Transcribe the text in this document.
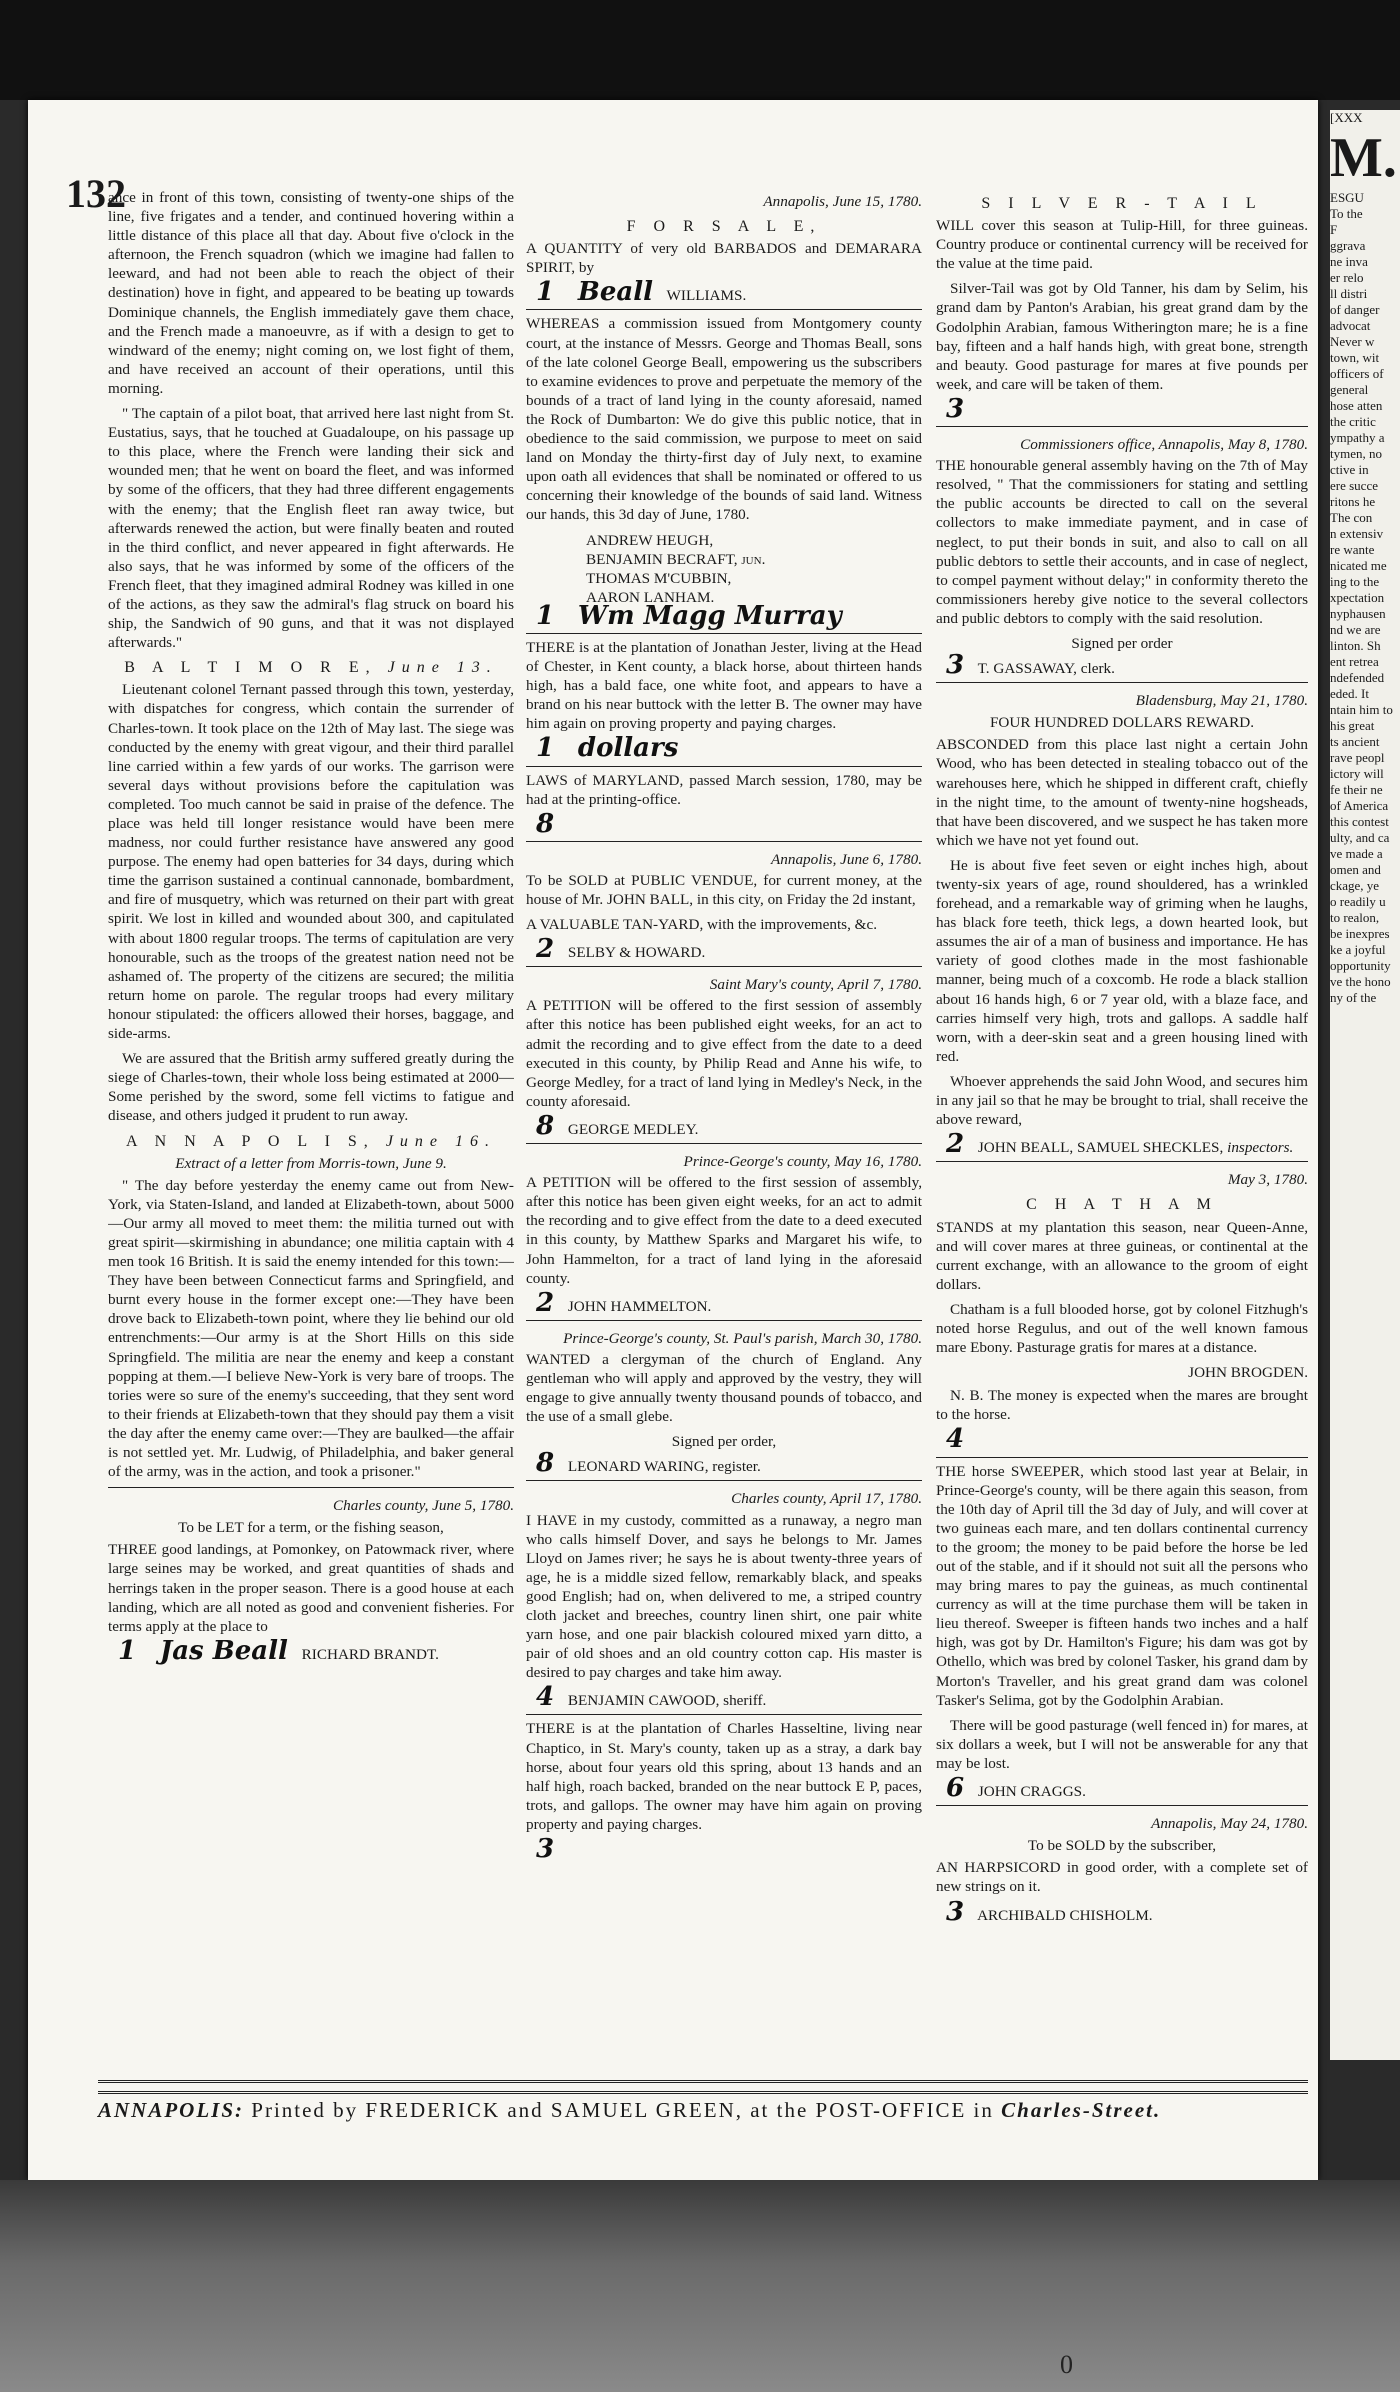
132

ance in front of this town, consisting of twenty-one ships of the line, five frigates and a tender, and continued hovering within a little distance of this place all that day. About five o'clock in the afternoon, the French squadron (which we imagine had fallen to leeward, and had not been able to reach the object of their destination) hove in fight, and appeared to be beating up towards Dominique channels, the English immediately gave them chace, and the French made a manoeuvre, as if with a design to get to windward of the enemy; night coming on, we lost fight of them, and have received an account of their operations, until this morning.

" The captain of a pilot boat, that arrived here last night from St. Eustatius, says, that he touched at Guadaloupe, on his passage up to this place, where the French were landing their sick and wounded men; that he went on board the fleet, and was informed by some of the officers, that they had three different engagements with the enemy; that the English fleet ran away twice, but afterwards renewed the action, but were finally beaten and routed in the third conflict, and never appeared in fight afterwards. He also says, that he was informed by some of the officers of the French fleet, that they imagined admiral Rodney was killed in one of the actions, as they saw the admiral's flag struck on board his ship, the Sandwich of 90 guns, and that it was not displayed afterwards."

B A L T I M O R E, June 13.

Lieutenant colonel Ternant passed through this town, yesterday, with dispatches for congress, which contain the surrender of Charles-town. It took place on the 12th of May last. The siege was conducted by the enemy with great vigour, and their third parallel line carried within a few yards of our works. The garrison were several days without provisions before the capitulation was completed. Too much cannot be said in praise of the defence. The place was held till longer resistance would have been mere madness, nor could further resistance have answered any good purpose. The enemy had open batteries for 34 days, during which time the garrison sustained a continual cannonade, bombardment, and fire of musquetry, which was returned on their part with great spirit. We lost in killed and wounded about 300, and capitulated with about 1800 regular troops. The terms of capitulation are very honourable, such as the troops of the greatest nation need not be ashamed of. The property of the citizens are secured; the militia return home on parole. The regular troops had every military honour stipulated: the officers allowed their horses, baggage, and side-arms.

We are assured that the British army suffered greatly during the siege of Charles-town, their whole loss being estimated at 2000—Some perished by the sword, some fell victims to fatigue and disease, and others judged it prudent to run away.

A N N A P O L I S, June 16.
Extract of a letter from Morris-town, June 9.

" The day before yesterday the enemy came out from New-York, via Staten-Island, and landed at Elizabeth-town, about 5000—Our army all moved to meet them: the militia turned out with great spirit—skirmishing in abundance; one militia captain with 4 men took 16 British. It is said the enemy intended for this town:—They have been between Connecticut farms and Springfield, and burnt every house in the former except one:—They have been drove back to Elizabeth-town point, where they lie behind our old entrenchments:—Our army is at the Short Hills on this side Springfield. The militia are near the enemy and keep a constant popping at them.—I believe New-York is very bare of troops. The tories were so sure of the enemy's succeeding, that they sent word to their friends at Elizabeth-town that they should pay them a visit the day after the enemy came over:—They are baulked—the affair is not settled yet. Mr. Ludwig, of Philadelphia, and baker general of the army, was in the action, and took a prisoner."

Charles county, June 5, 1780.
To be LET for a term, or the fishing season,

THREE good landings, at Pomonkey, on Patowmack river, where large seines may be worked, and great quantities of shads and herrings taken in the proper season. There is a good house at each landing, which are all noted as good and convenient fisheries. For terms apply at the place to

1 Jas Beall RICHARD BRANDT.
Annapolis, June 15, 1780.
F O R S A L E,

A QUANTITY of very old BARBADOS and DEMARARA SPIRIT, by

1 Beall WILLIAMS.

WHEREAS a commission issued from Montgomery county court, at the instance of Messrs. George and Thomas Beall, sons of the late colonel George Beall, empowering us the subscribers to examine evidences to prove and perpetuate the memory of the bounds of a tract of land lying in the county aforesaid, named the Rock of Dumbarton: We do give this public notice, that in obedience to the said commission, we purpose to meet on said land on Monday the thirty-first day of July next, to examine upon oath all evidences that shall be nominated or offered to us concerning their knowledge of the bounds of said land. Witness our hands, this 3d day of June, 1780.

ANDREW HEUGH,
BENJAMIN BECRAFT, jun.
THOMAS M'CUBBIN,
AARON LANHAM.
1 Wm Magg Murray

THERE is at the plantation of Jonathan Jester, living at the Head of Chester, in Kent county, a black horse, about thirteen hands high, has a bald face, one white foot, and appears to have a brand on his near buttock with the letter B. The owner may have him again on proving property and paying charges.

1 dollars

LAWS of MARYLAND, passed March session, 1780, may be had at the printing-office.

8
Annapolis, June 6, 1780.

To be SOLD at PUBLIC VENDUE, for current money, at the house of Mr. JOHN BALL, in this city, on Friday the 2d instant,

A VALUABLE TAN-YARD, with the improvements, &c.

2 SELBY & HOWARD.
Saint Mary's county, April 7, 1780.

A PETITION will be offered to the first session of assembly after this notice has been published eight weeks, for an act to admit the recording and to give effect from the date to a deed executed in this county, by Philip Read and Anne his wife, to George Medley, for a tract of land lying in Medley's Neck, in the county aforesaid.

8 GEORGE MEDLEY.
Prince-George's county, May 16, 1780.

A PETITION will be offered to the first session of assembly, after this notice has been given eight weeks, for an act to admit the recording and to give effect from the date to a deed executed in this county, by Matthew Sparks and Margaret his wife, to John Hammelton, for a tract of land lying in the aforesaid county.

2 JOHN HAMMELTON.
Prince-George's county, St. Paul's parish, March 30, 1780.

WANTED a clergyman of the church of England. Any gentleman who will apply and approved by the vestry, they will engage to give annually twenty thousand pounds of tobacco, and the use of a small glebe.

Signed per order,
8 LEONARD WARING, register.
Charles county, April 17, 1780.

I HAVE in my custody, committed as a runaway, a negro man who calls himself Dover, and says he belongs to Mr. James Lloyd on James river; he says he is about twenty-three years of age, he is a middle sized fellow, remarkably black, and speaks good English; had on, when delivered to me, a striped country cloth jacket and breeches, country linen shirt, one pair white yarn hose, and one pair blackish coloured mixed yarn ditto, a pair of old shoes and an old country cotton cap. His master is desired to pay charges and take him away.

4 BENJAMIN CAWOOD, sheriff.

THERE is at the plantation of Charles Hasseltine, living near Chaptico, in St. Mary's county, taken up as a stray, a dark bay horse, about four years old this spring, about 13 hands and an half high, roach backed, branded on the near buttock E P, paces, trots, and gallops. The owner may have him again on proving property and paying charges.

3
S I L V E R - T A I L

WILL cover this season at Tulip-Hill, for three guineas. Country produce or continental currency will be received for the value at the time paid.

Silver-Tail was got by Old Tanner, his dam by Selim, his grand dam by Panton's Arabian, his great grand dam by the Godolphin Arabian, famous Witherington mare; he is a fine bay, fifteen and a half hands high, with great bone, strength and beauty. Good pasturage for mares at five pounds per week, and care will be taken of them.

3
Commissioners office, Annapolis, May 8, 1780.

THE honourable general assembly having on the 7th of May resolved, " That the commissioners for stating and settling the public accounts be directed to call on the several collectors to make immediate payment, and in case of neglect, to put their bonds in suit, and also to call on all public debtors to settle their accounts, and in case of neglect, to compel payment without delay;" in conformity thereto the commissioners hereby give notice to the several collectors and public debtors to comply with the said resolution.

Signed per order
3 T. GASSAWAY, clerk.
Bladensburg, May 21, 1780.
FOUR HUNDRED DOLLARS REWARD.

ABSCONDED from this place last night a certain John Wood, who has been detected in stealing tobacco out of the warehouses here, which he shipped in different craft, chiefly in the night time, to the amount of twenty-nine hogsheads, that have been discovered, and we suspect he has taken more which we have not yet found out.

He is about five feet seven or eight inches high, about twenty-six years of age, round shouldered, has a wrinkled forehead, and a remarkable way of griming when he laughs, has black fore teeth, thick legs, a down hearted look, but assumes the air of a man of business and importance. He has variety of good clothes made in the most fashionable manner, being much of a coxcomb. He rode a black stallion about 16 hands high, 6 or 7 year old, with a blaze face, and carries himself very high, trots and gallops. A saddle half worn, with a deer-skin seat and a green housing lined with red.

Whoever apprehends the said John Wood, and secures him in any jail so that he may be brought to trial, shall receive the above reward,

2 JOHN BEALL, SAMUEL SHECKLES, inspectors.
May 3, 1780.
C H A T H A M

STANDS at my plantation this season, near Queen-Anne, and will cover mares at three guineas, or continental at the current exchange, with an allowance to the groom of eight dollars.

Chatham is a full blooded horse, got by colonel Fitzhugh's noted horse Regulus, and out of the well known famous mare Ebony. Pasturage gratis for mares at a distance.

JOHN BROGDEN.

N. B. The money is expected when the mares are brought to the horse.

4

THE horse SWEEPER, which stood last year at Belair, in Prince-George's county, will be there again this season, from the 10th day of April till the 3d day of July, and will cover at two guineas each mare, and ten dollars continental currency to the groom; the money to be paid before the horse be led out of the stable, and if it should not suit all the persons who may bring mares to pay the guineas, as much continental currency as will at the time purchase them will be taken in lieu thereof. Sweeper is fifteen hands two inches and a half high, was got by Dr. Hamilton's Figure; his dam was got by Othello, which was bred by colonel Tasker, his grand dam by Morton's Traveller, and his great grand dam was colonel Tasker's Selima, got by the Godolphin Arabian.

There will be good pasturage (well fenced in) for mares, at six dollars a week, but I will not be answerable for any that may be lost.

6 JOHN CRAGGS.
Annapolis, May 24, 1780.
To be SOLD by the subscriber,

AN HARPSICORD in good order, with a complete set of new strings on it.

3 ARCHIBALD CHISHOLM.
ANNAPOLIS: Printed by FREDERICK and SAMUEL GREEN, at the POST-OFFICE in Charles-Street.
[XXX
M.
ESGU
To the
F
ggrava
ne inva
er relo
ll distri
of danger
advocat
Never w
town, wit
officers of
general
hose atten
the critic
ympathy a
tymen, no
ctive in
ere succe
ritons he
The con
n extensiv
re wante
nicated me
ing to the
xpectation
nyphausen
nd we are
linton. Sh
ent retrea
ndefended
eded. It
ntain him to
his great
ts ancient
rave peopl
ictory will
fe their ne
of America
this contest
ulty, and ca
ve made a
omen and
ckage, ye
o readily u
to realon,
be inexpres
ke a joyful
opportunity
ve the hono
ny of the
0
